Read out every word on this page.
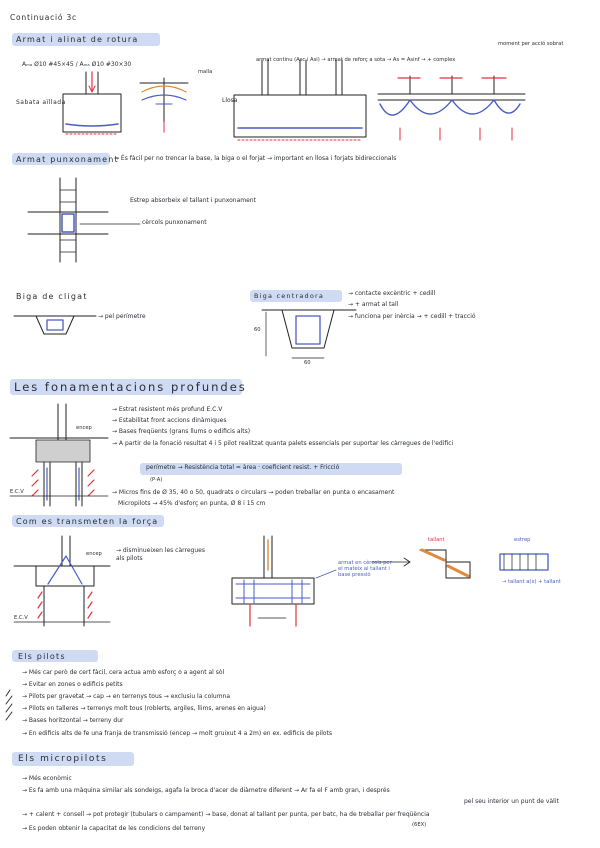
Continuació 3c
Armat i alinat de rotura
Aₘₐ Ø10 #45×45 / Aₘₐ Ø10 #30×30
malla
Sabata aïllada	Llosa
armat continu (Asc i Asi) → armat de reforç a sota → As = Asinf → + complex
moment per acció sobrat
Armat punxonament
→ És fàcil per no trencar la base, la biga o el forjat → important en llosa i forjats bidireccionals
Estrep absorbeix el tallant i punxonament
cèrcols punxonament
Biga de cligat
→ pel perímetre
Biga centradora	→ contacte excèntric + cedill
→ + armat al tall
→ funciona per inèrcia → + cedill + tracció
60
60
Les fonamentacions profundes
→ Estrat resistent més profund E.C.V
→ Estabilitat front accions dinàmiques
→ Bases freqüents (grans llums o edificis alts)
→ A partir de la fonació resultat 4 i 5 pilot realitzat quanta palets essencials per suportar les càrregues de l'edifici
perímetre → Resistència total = àrea · coeficient resist. + Fricció
(P·A)
→ Micros fins de Ø 35, 40 o 50, quadrats o circulars → poden treballar en punta o encasament
Micropilots → 45% d'esforç en punta, Ø 8 i 15 cm
encep
E.C.V
Com es transmeten la força
→ disminueixen les càrregues als pilots
encep
E.C.V
armat en cèrcols per el mateix al tallant i base pressió
tallant	estrep
→ tallant a(x) + tallant
Els pilots
→ Més car però de cert fàcil, cera actua amb esforç o a agent al sòl
→ Evitar en zones o edificis petits
→ Pilots per gravetat → cap → en terrenys tous → exclusiu la columna
→ Pilots en talleres → terrenys molt tous (roblerts, argiles, llims, arenes en aigua)
→ Bases horitzontal → terreny dur
→ En edificis alts de fe una franja de transmissió (encep → molt gruixut 4 a 2m) en ex. edificis de pilots
Els micropilots
→ Més econòmic
→ Es fa amb una màquina similar als sondeigs, agafa la broca d'acer de diàmetre diferent → Ar fa el F amb gran, i després
pel seu interior un punt de vàlit
→ + calent + consell → pot protegir (tubulars o campament) → base, donat al tallant per punta, per batc, ha de treballar per freqüència
(6EX)
→ Es poden obtenir la capacitat de les condicions del terreny
